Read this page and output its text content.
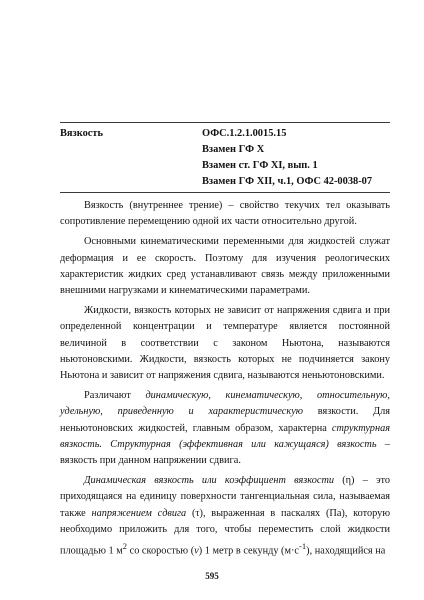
Вязкость	ОФС.1.2.1.0015.15
Взамен ГФ X
Взамен ст. ГФ XI, вып. 1
Взамен ГФ XII, ч.1, ОФС 42-0038-07

Вязкость (внутреннее трение) – свойство текучих тел оказывать сопротивление перемещению одной их части относительно другой.

Основными кинематическими переменными для жидкостей служат деформация и ее скорость. Поэтому для изучения реологических характеристик жидких сред устанавливают связь между приложенными внешними нагрузками и кинематическими параметрами.

Жидкости, вязкость которых не зависит от напряжения сдвига и при определенной концентрации и температуре является постоянной величиной в соответствии с законом Ньютона, называются ньютоновскими. Жидкости, вязкость которых не подчиняется закону Ньютона и зависит от напряжения сдвига, называются неньютоновскими.

Различают динамическую, кинематическую, относительную, удельную, приведенную и характеристическую вязкости. Для неньютоновских жидкостей, главным образом, характерна структурная вязкость. Структурная (эффективная или кажущаяся) вязкость – вязкость при данном напряжении сдвига.

Динамическая вязкость или коэффициент вязкости (η) – это приходящаяся на единицу поверхности тангенциальная сила, называемая также напряжением сдвига (τ), выраженная в паскалях (Па), которую необходимо приложить для того, чтобы переместить слой жидкости площадью 1 $м^2$ со скоростью (v) 1 метр в секунду $(м\cdot с^{-1})$, находящийся на

595
